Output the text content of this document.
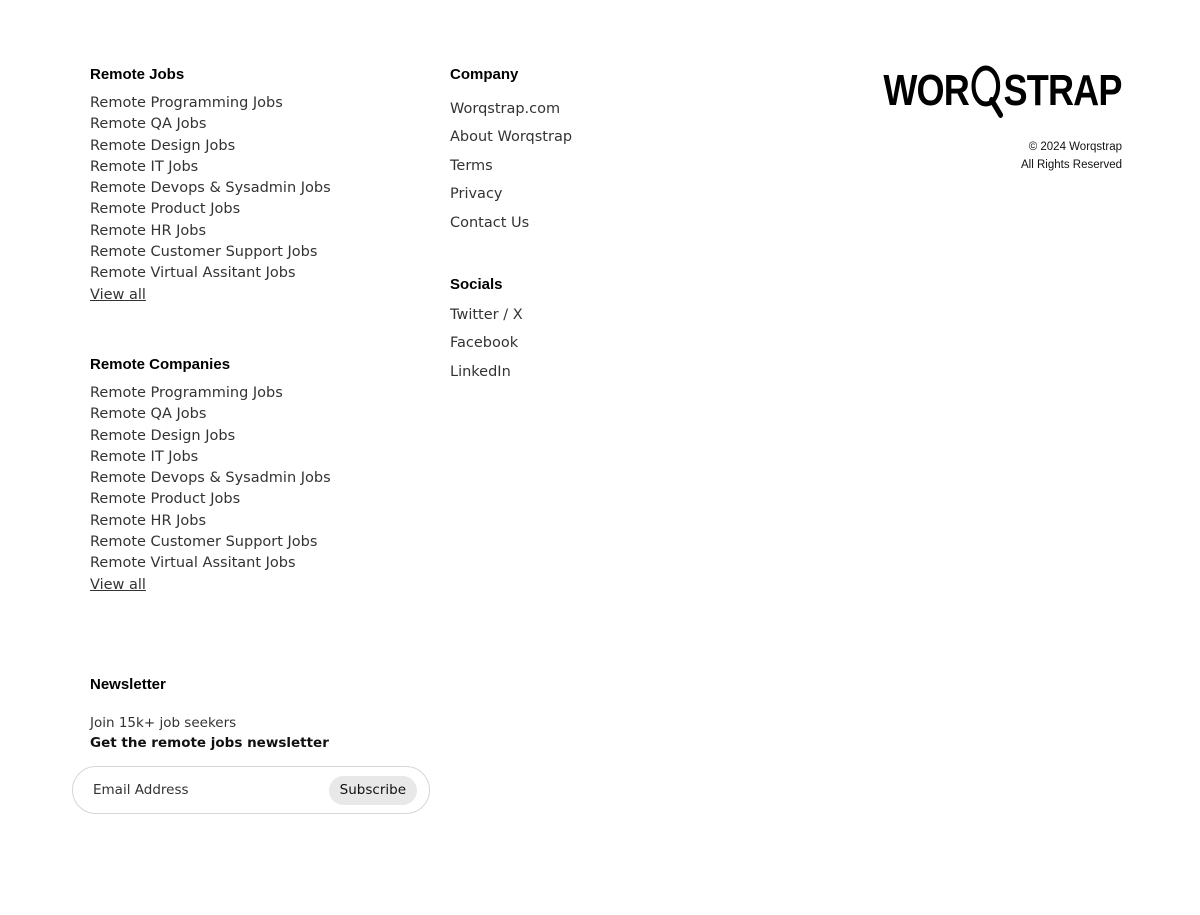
Remote Jobs
Remote Programming Jobs
Remote QA Jobs
Remote Design Jobs
Remote IT Jobs
Remote Devops & Sysadmin Jobs
Remote Product Jobs
Remote HR Jobs
Remote Customer Support Jobs
Remote Virtual Assitant Jobs
View all
Remote Companies
Remote Programming Jobs
Remote QA Jobs
Remote Design Jobs
Remote IT Jobs
Remote Devops & Sysadmin Jobs
Remote Product Jobs
Remote HR Jobs
Remote Customer Support Jobs
Remote Virtual Assitant Jobs
View all
Company
Worqstrap.com
About Worqstrap
Terms
Privacy
Contact Us
Socials
Twitter / X
Facebook
LinkedIn
WOR STRAP
© 2024 Worqstrap
All Rights Reserved
Newsletter
Join 15k+ job seekers
Get the remote jobs newsletter
Email Address
Subscribe
